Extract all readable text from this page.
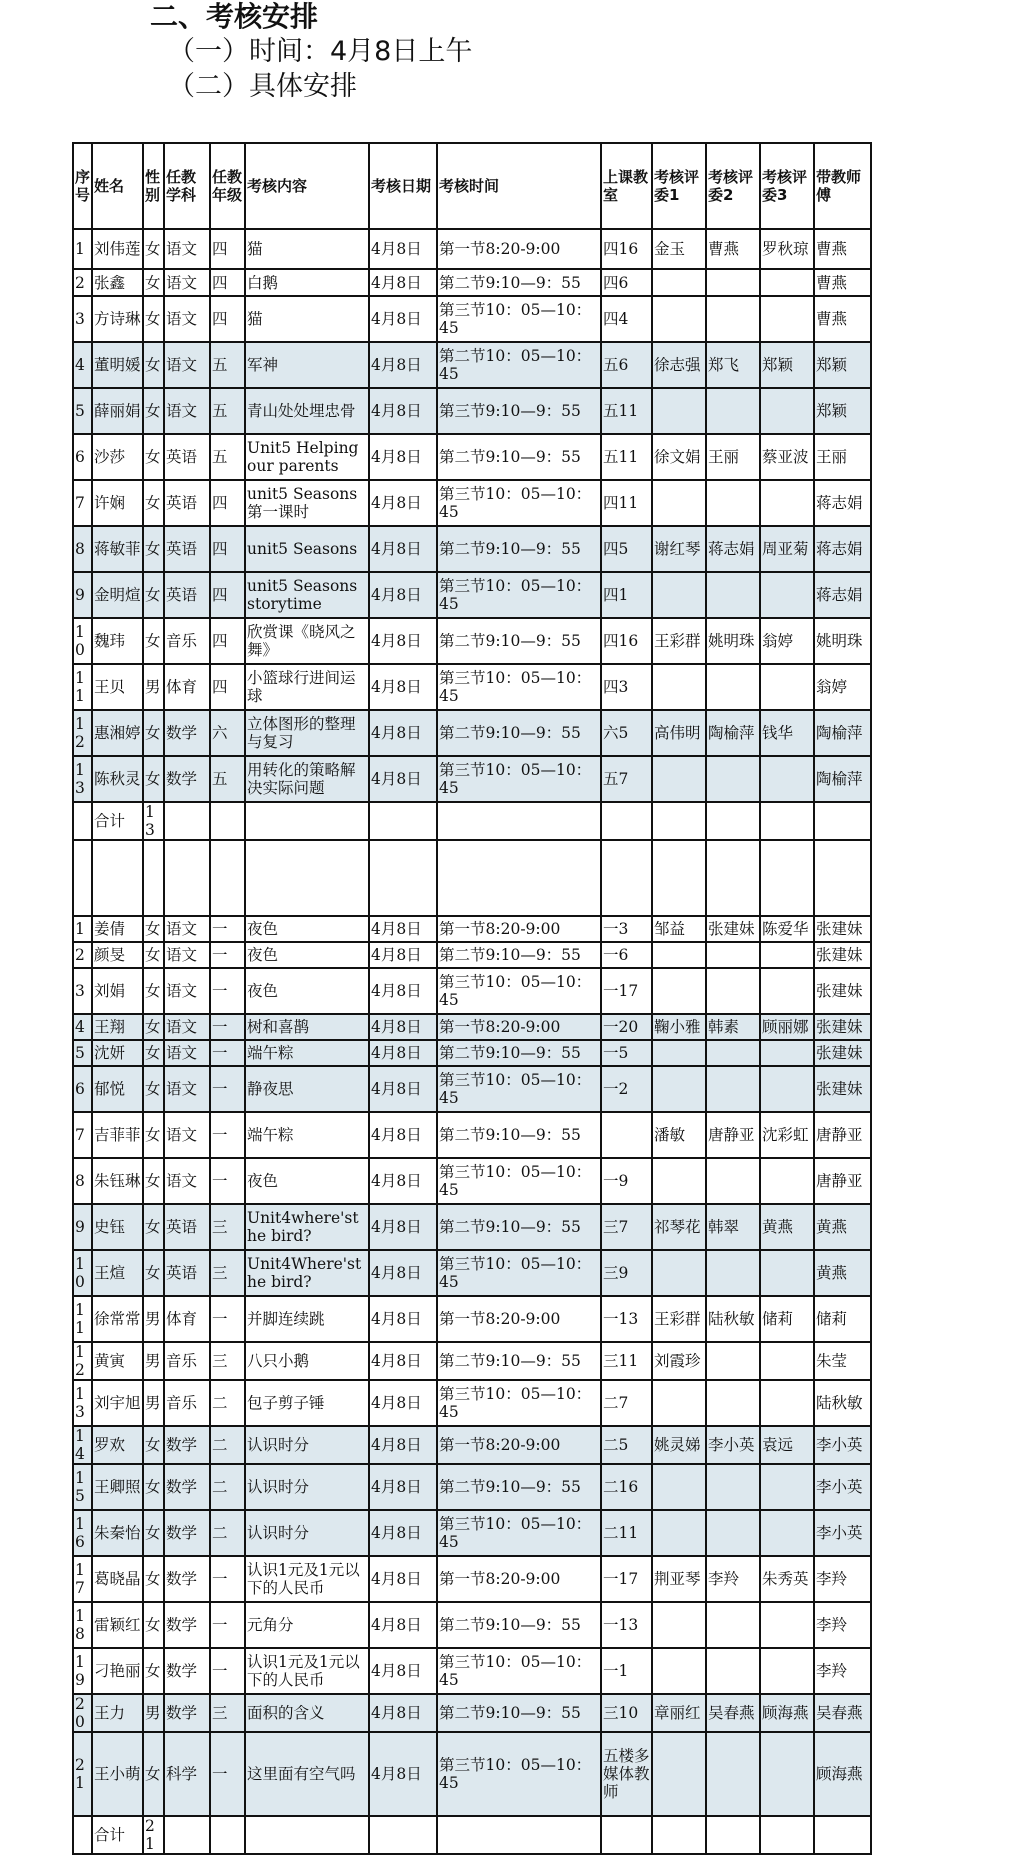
二、考核安排
（一）时间：4月8日上午
（二）具体安排
序号	姓名	性别	任教学科	任教年级	考核内容	考核日期	考核时间	上课教室	考核评委1	考核评委2	考核评委3	带教师傅
1	刘伟莲	女	语文	四	猫	4月8日	第一节8:20-9:00	四16	金玉	曹燕	罗秋琼	曹燕
2	张鑫	女	语文	四	白鹅	4月8日	第二节9:10—9：55	四6				曹燕
3	方诗琳	女	语文	四	猫	4月8日	第三节10：05—10：45	四4				曹燕
4	董明媛	女	语文	五	军神	4月8日	第二节10：05—10：45	五6	徐志强	郑飞	郑颖	郑颖
5	薛丽娟	女	语文	五	青山处处埋忠骨	4月8日	第三节9:10—9：55	五11				郑颖
6	沙莎	女	英语	五	Unit5 Helping our parents	4月8日	第二节9:10—9：55	五11	徐文娟	王丽	蔡亚波	王丽
7	许娴	女	英语	四	unit5 Seasons第一课时	4月8日	第三节10：05—10：45	四11				蒋志娟
8	蒋敏菲	女	英语	四	unit5 Seasons	4月8日	第二节9:10—9：55	四5	谢红琴	蒋志娟	周亚菊	蒋志娟
9	金明煊	女	英语	四	unit5 Seasons storytime	4月8日	第三节10：05—10：45	四1				蒋志娟
10	魏玮	女	音乐	四	欣赏课《晓风之舞》	4月8日	第二节9:10—9：55	四16	王彩群	姚明珠	翁婷	姚明珠
11	王贝	男	体育	四	小篮球行进间运球	4月8日	第三节10：05—10：45	四3				翁婷
12	惠湘婷	女	数学	六	立体图形的整理与复习	4月8日	第二节9:10—9：55	六5	高伟明	陶榆萍	钱华	陶榆萍
13	陈秋灵	女	数学	五	用转化的策略解决实际问题	4月8日	第三节10：05—10：45	五7				陶榆萍
	合计	13										

1	姜倩	女	语文	一	夜色	4月8日	第一节8:20-9:00	一3	邹益	张建妹	陈爱华	张建妹
2	颜旻	女	语文	一	夜色	4月8日	第二节9:10—9：55	一6				张建妹
3	刘娟	女	语文	一	夜色	4月8日	第三节10：05—10：45	一17				张建妹
4	王翔	女	语文	一	树和喜鹊	4月8日	第一节8:20-9:00	一20	鞠小雅	韩素	顾丽娜	张建妹
5	沈妍	女	语文	一	端午粽	4月8日	第二节9:10—9：55	一5				张建妹
6	郁悦	女	语文	一	静夜思	4月8日	第三节10：05—10：45	一2				张建妹
7	吉菲菲	女	语文	一	端午粽	4月8日	第二节9:10—9：55		潘敏	唐静亚	沈彩虹	唐静亚
8	朱钰琳	女	语文	一	夜色	4月8日	第三节10：05—10：45	一9				唐静亚
9	史钰	女	英语	三	Unit4where'sthe bird?	4月8日	第二节9:10—9：55	三7	祁琴花	韩翠	黄燕	黄燕
10	王煊	女	英语	三	Unit4Where'sthe bird?	4月8日	第三节10：05—10：45	三9				黄燕
11	徐常常	男	体育	一	并脚连续跳	4月8日	第一节8:20-9:00	一13	王彩群	陆秋敏	储莉	储莉
12	黄寅	男	音乐	三	八只小鹅	4月8日	第二节9:10—9：55	三11	刘霞珍			朱莹
13	刘宇旭	男	音乐	二	包子剪子锤	4月8日	第三节10：05—10：45	二7				陆秋敏
14	罗欢	女	数学	二	认识时分	4月8日	第一节8:20-9:00	二5	姚灵娣	李小英	袁远	李小英
15	王卿照	女	数学	二	认识时分	4月8日	第二节9:10—9：55	二16				李小英
16	朱秦怡	女	数学	二	认识时分	4月8日	第三节10：05—10：45	二11				李小英
17	葛晓晶	女	数学	一	认识1元及1元以下的人民币	4月8日	第一节8:20-9:00	一17	荆亚琴	李羚	朱秀英	李羚
18	雷颖红	女	数学	一	元角分	4月8日	第二节9:10—9：55	一13				李羚
19	刁艳丽	女	数学	一	认识1元及1元以下的人民币	4月8日	第三节10：05—10：45	一1				李羚
20	王力	男	数学	三	面积的含义	4月8日	第二节9:10—9：55	三10	章丽红	吴春燕	顾海燕	吴春燕
21	王小萌	女	科学	一	这里面有空气吗	4月8日	第三节10：05—10：45	五楼多媒体教师				顾海燕
	合计	21										
